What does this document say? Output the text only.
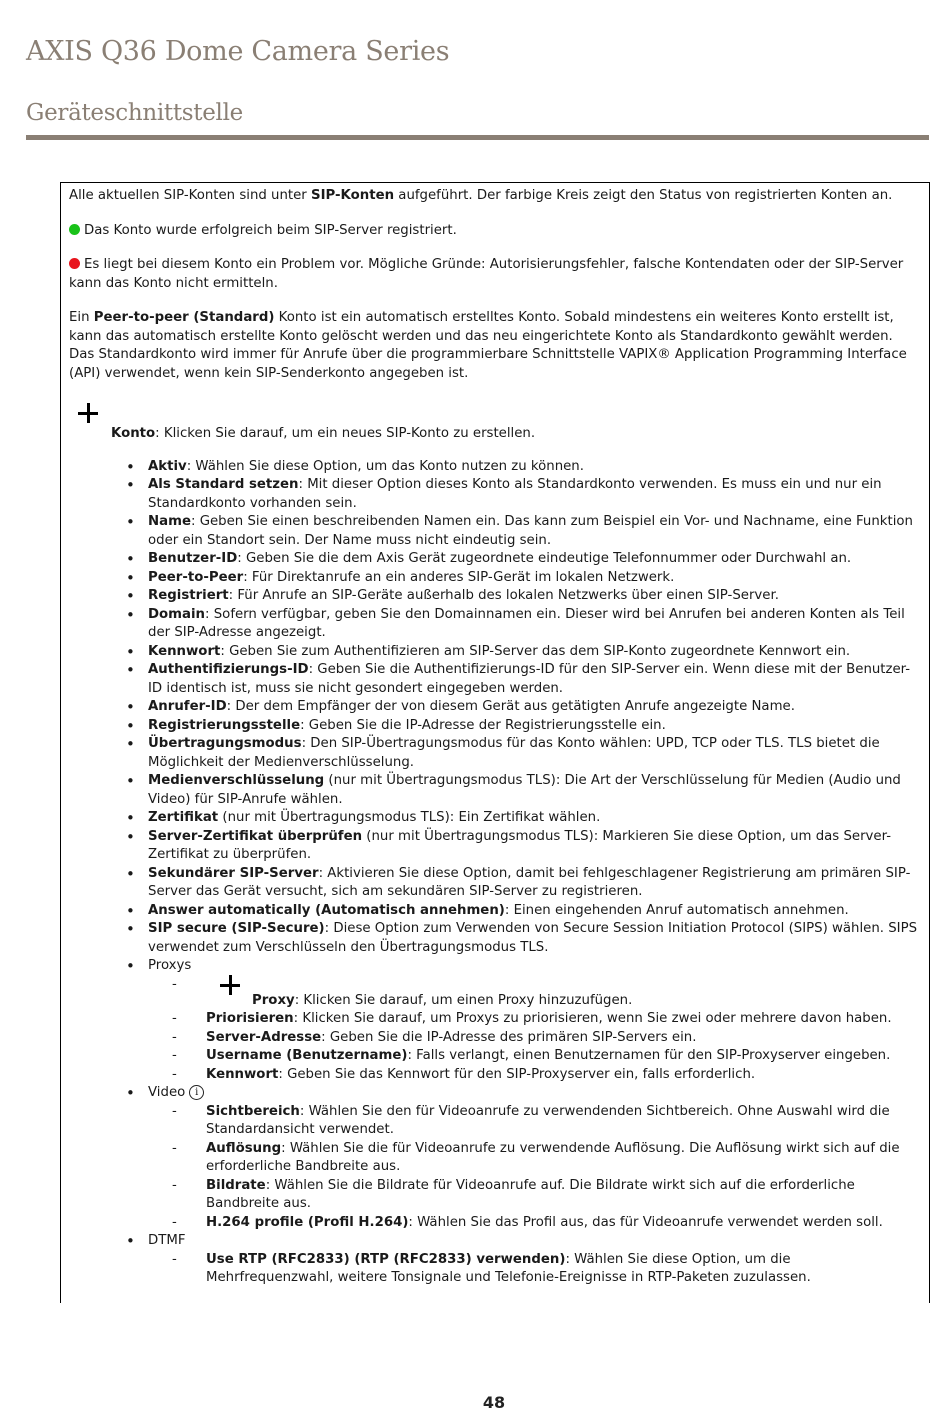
AXIS Q36 Dome Camera Series
Geräteschnittstelle

Alle aktuellen SIP-Konten sind unter SIP-Konten aufgeführt. Der farbige Kreis zeigt den Status von registrierten Konten an.

Das Konto wurde erfolgreich beim SIP-Server registriert.

Es liegt bei diesem Konto ein Problem vor. Mögliche Gründe: Autorisierungsfehler, falsche Kontendaten oder der SIP-Server kann das Konto nicht ermitteln.

Ein Peer-to-peer (Standard) Konto ist ein automatisch erstelltes Konto. Sobald mindestens ein weiteres Konto erstellt ist, kann das automatisch erstellte Konto gelöscht werden und das neu eingerichtete Konto als Standardkonto gewählt werden. Das Standardkonto wird immer für Anrufe über die programmierbare Schnittstelle VAPIX® Application Programming Interface (API) verwendet, wenn kein SIP-Senderkonto angegeben ist.

Konto: Klicken Sie darauf, um ein neues SIP-Konto zu erstellen.
• Aktiv: Wählen Sie diese Option, um das Konto nutzen zu können.
• Als Standard setzen: Mit dieser Option dieses Konto als Standardkonto verwenden. Es muss ein und nur ein Standardkonto vorhanden sein.
• Name: Geben Sie einen beschreibenden Namen ein. Das kann zum Beispiel ein Vor- und Nachname, eine Funktion oder ein Standort sein. Der Name muss nicht eindeutig sein.
• Benutzer-ID: Geben Sie die dem Axis Gerät zugeordnete eindeutige Telefonnummer oder Durchwahl an.
• Peer-to-Peer: Für Direktanrufe an ein anderes SIP-Gerät im lokalen Netzwerk.
• Registriert: Für Anrufe an SIP-Geräte außerhalb des lokalen Netzwerks über einen SIP-Server.
• Domain: Sofern verfügbar, geben Sie den Domainnamen ein. Dieser wird bei Anrufen bei anderen Konten als Teil der SIP-Adresse angezeigt.
• Kennwort: Geben Sie zum Authentifizieren am SIP-Server das dem SIP-Konto zugeordnete Kennwort ein.
• Authentifizierungs-ID: Geben Sie die Authentifizierungs-ID für den SIP-Server ein. Wenn diese mit der Benutzer-ID identisch ist, muss sie nicht gesondert eingegeben werden.
• Anrufer-ID: Der dem Empfänger der von diesem Gerät aus getätigten Anrufe angezeigte Name.
• Registrierungsstelle: Geben Sie die IP-Adresse der Registrierungsstelle ein.
• Übertragungsmodus: Den SIP-Übertragungsmodus für das Konto wählen: UPD, TCP oder TLS. TLS bietet die Möglichkeit der Medienverschlüsselung.
• Medienverschlüsselung (nur mit Übertragungsmodus TLS): Die Art der Verschlüsselung für Medien (Audio und Video) für SIP-Anrufe wählen.
• Zertifikat (nur mit Übertragungsmodus TLS): Ein Zertifikat wählen.
• Server-Zertifikat überprüfen (nur mit Übertragungsmodus TLS): Markieren Sie diese Option, um das Server-Zertifikat zu überprüfen.
• Sekundärer SIP-Server: Aktivieren Sie diese Option, damit bei fehlgeschlagener Registrierung am primären SIP-Server das Gerät versucht, sich am sekundären SIP-Server zu registrieren.
• Answer automatically (Automatisch annehmen): Einen eingehenden Anruf automatisch annehmen.
• SIP secure (SIP-Secure): Diese Option zum Verwenden von Secure Session Initiation Protocol (SIPS) wählen. SIPS verwendet zum Verschlüsseln den Übertragungsmodus TLS.
• Proxys
- Proxy: Klicken Sie darauf, um einen Proxy hinzuzufügen.
- Priorisieren: Klicken Sie darauf, um Proxys zu priorisieren, wenn Sie zwei oder mehrere davon haben.
- Server-Adresse: Geben Sie die IP-Adresse des primären SIP-Servers ein.
- Username (Benutzername): Falls verlangt, einen Benutzernamen für den SIP-Proxyserver eingeben.
- Kennwort: Geben Sie das Kennwort für den SIP-Proxyserver ein, falls erforderlich.
• Video i
- Sichtbereich: Wählen Sie den für Videoanrufe zu verwendenden Sichtbereich. Ohne Auswahl wird die Standardansicht verwendet.
- Auflösung: Wählen Sie die für Videoanrufe zu verwendende Auflösung. Die Auflösung wirkt sich auf die erforderliche Bandbreite aus.
- Bildrate: Wählen Sie die Bildrate für Videoanrufe auf. Die Bildrate wirkt sich auf die erforderliche Bandbreite aus.
- H.264 profile (Profil H.264): Wählen Sie das Profil aus, das für Videoanrufe verwendet werden soll.
• DTMF
- Use RTP (RFC2833) (RTP (RFC2833) verwenden): Wählen Sie diese Option, um die Mehrfrequenzwahl, weitere Tonsignale und Telefonie-Ereignisse in RTP-Paketen zuzulassen.
48
